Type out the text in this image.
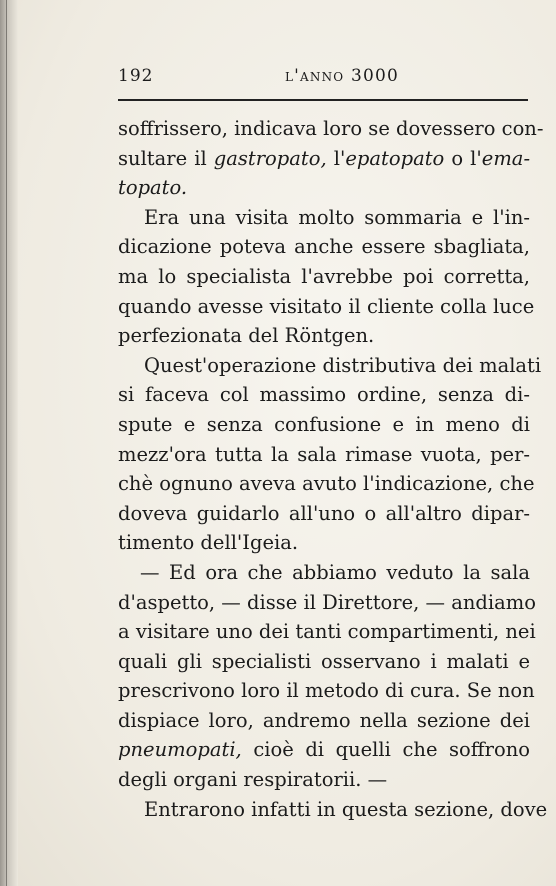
192	l'anno 3000
soffrissero, indicava loro se dovessero con-
sultare il gastropato, l'epatopato o l'ema-
topato.
Era una visita molto sommaria e l'in-
dicazione poteva anche essere sbagliata,
ma lo specialista l'avrebbe poi corretta,
quando avesse visitato il cliente colla luce
perfezionata del Röntgen.
Quest'operazione distributiva dei malati
si faceva col massimo ordine, senza di-
spute e senza confusione e in meno di
mezz'ora tutta la sala rimase vuota, per-
chè ognuno aveva avuto l'indicazione, che
doveva guidarlo all'uno o all'altro dipar-
timento dell'Igeia.
— Ed ora che abbiamo veduto la sala
d'aspetto, — disse il Direttore, — andiamo
a visitare uno dei tanti compartimenti, nei
quali gli specialisti osservano i malati e
prescrivono loro il metodo di cura. Se non
dispiace loro, andremo nella sezione dei
pneumopati, cioè di quelli che soffrono
degli organi respiratorii. —
Entrarono infatti in questa sezione, dove
